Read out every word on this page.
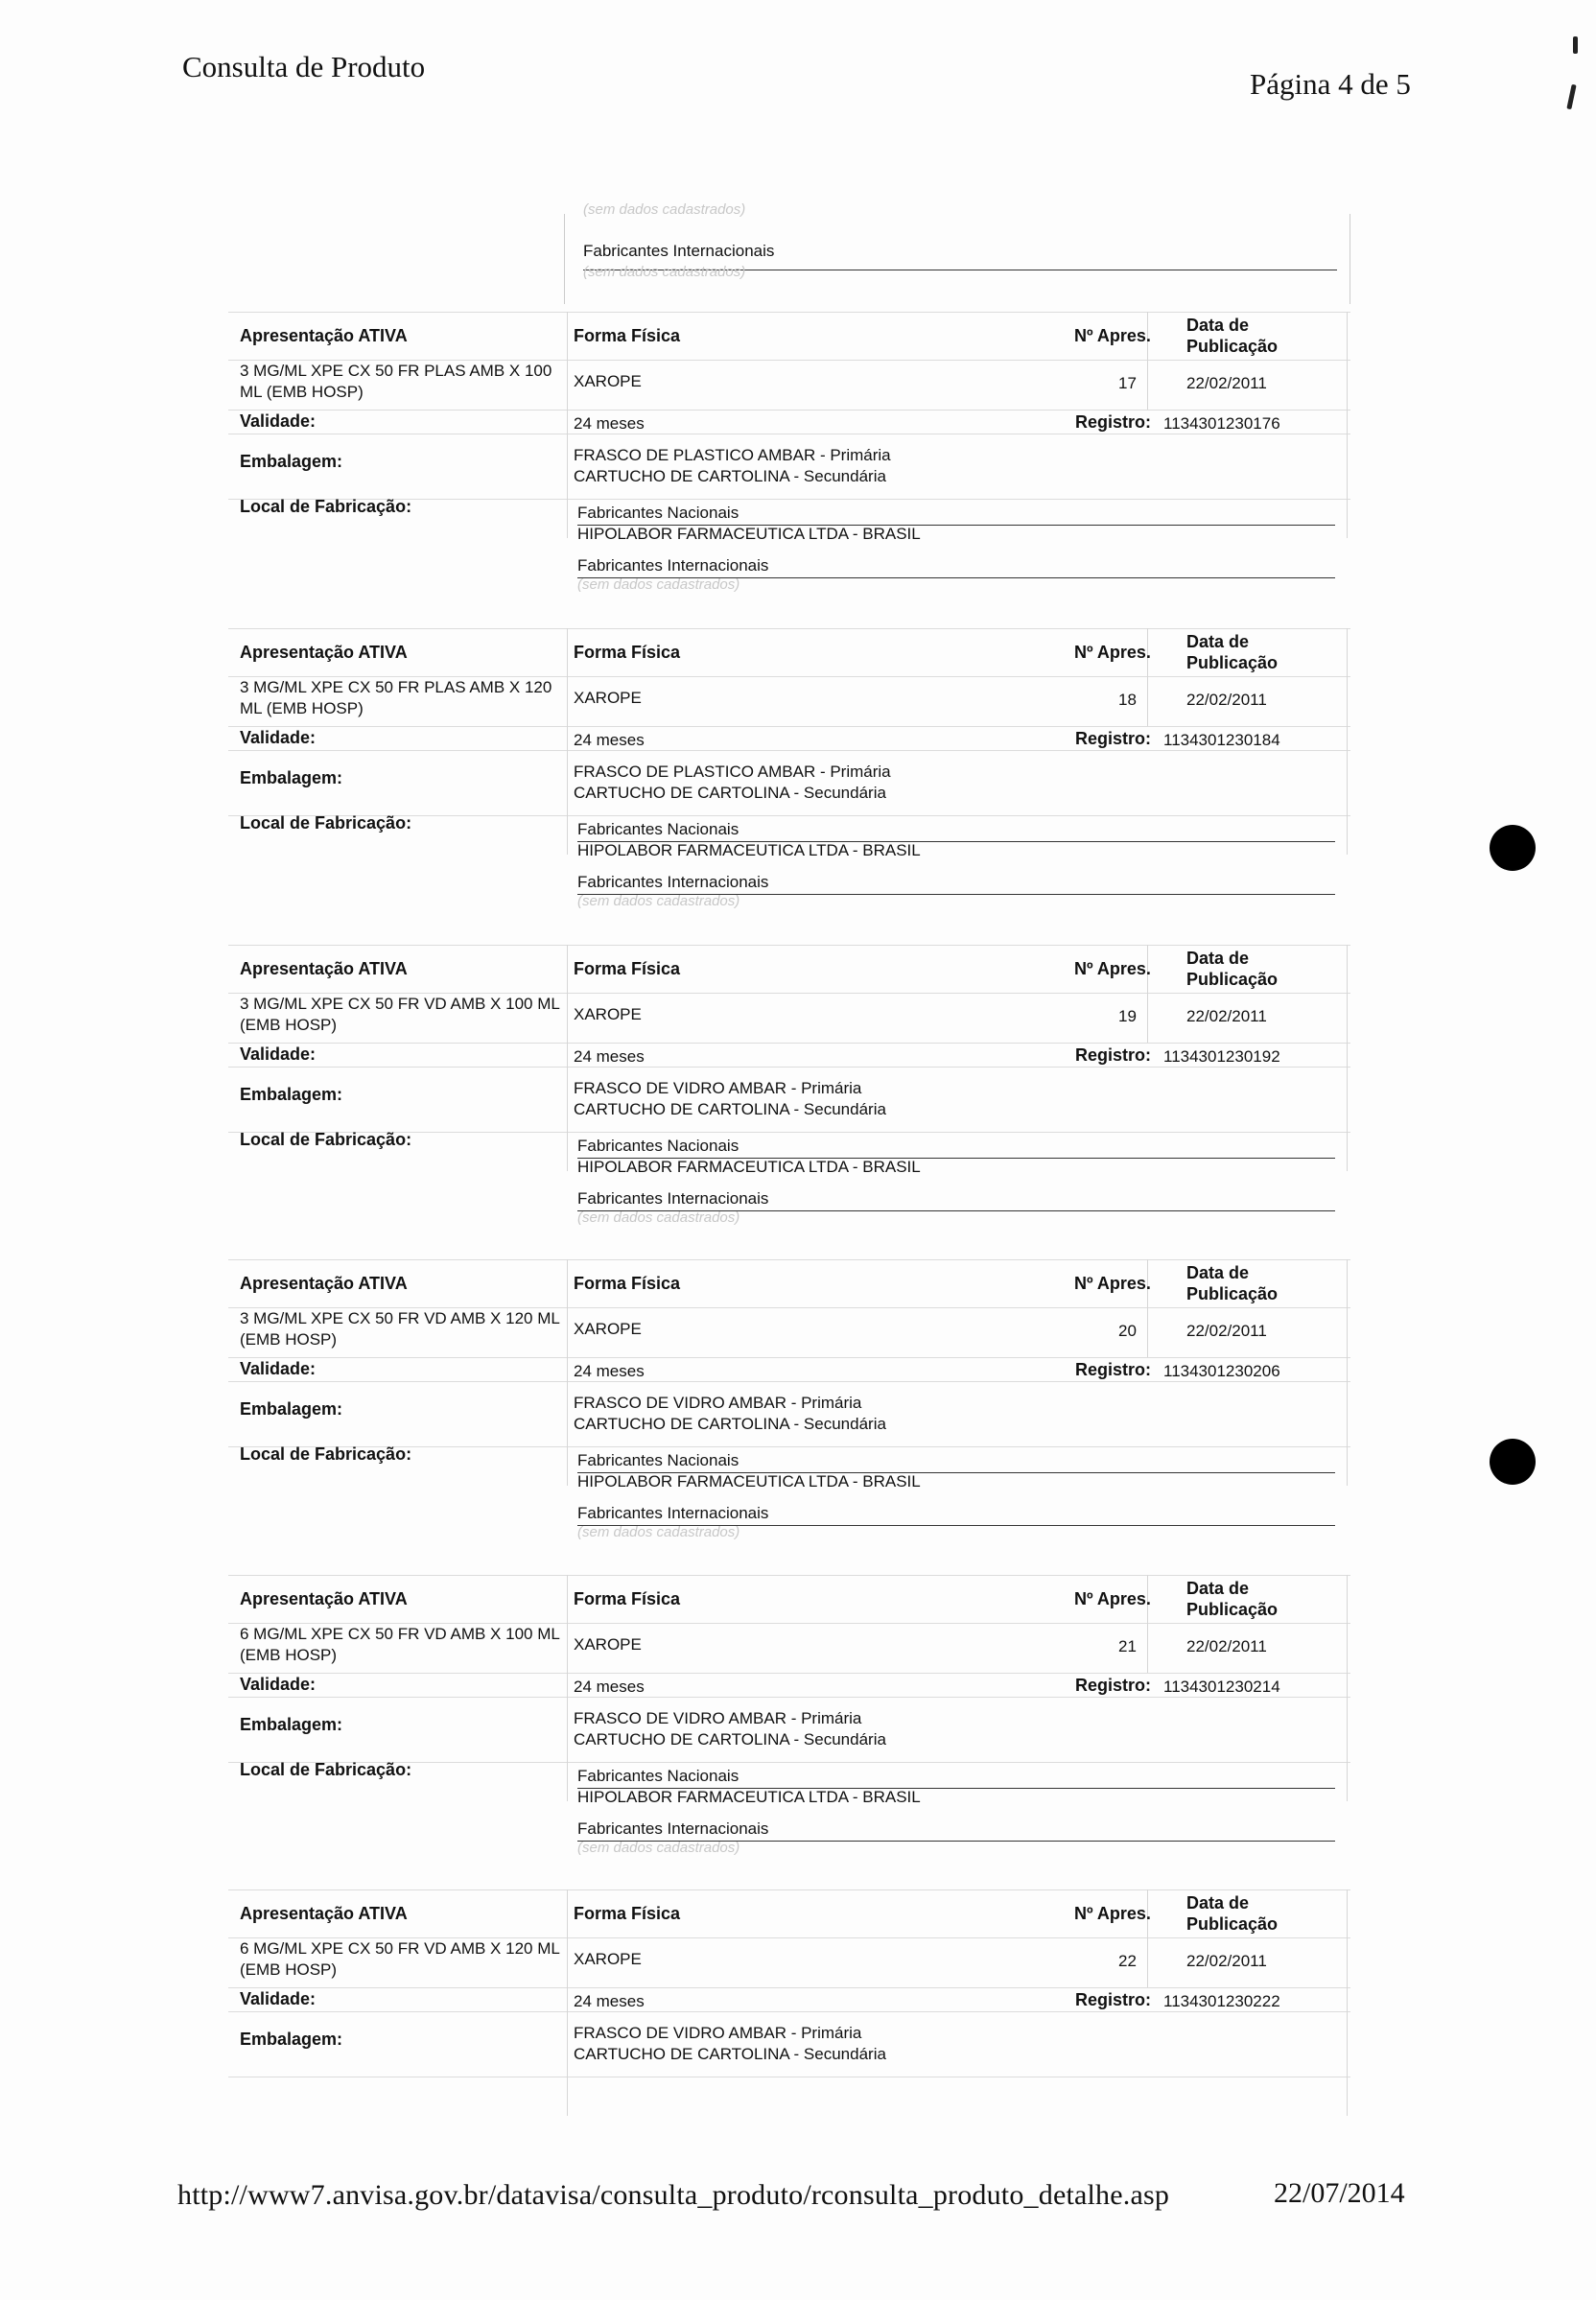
Consulta de Produto
Página 4 de 5
(sem dados cadastrados)
Fabricantes Internacionais
(sem dados cadastrados)
Apresentação ATIVA	Forma Física	Nº Apres.
Data de
Publicação
3 MG/ML XPE CX 50 FR PLAS AMB X 100
ML (EMB HOSP)
XAROPE	17	22/02/2011
Validade:	24 meses	Registro: 1134301230176
Embalagem:	FRASCO DE PLASTICO AMBAR - Primária
CARTUCHO DE CARTOLINA - Secundária
Local de Fabricação:	Fabricantes Nacionais
HIPOLABOR FARMACEUTICA LTDA - BRASIL
Fabricantes Internacionais
(sem dados cadastrados)
Apresentação ATIVA	Forma Física	Nº Apres.
Data de
Publicação
3 MG/ML XPE CX 50 FR PLAS AMB X 120
ML (EMB HOSP)
XAROPE	18	22/02/2011
Validade:	24 meses	Registro: 1134301230184
Embalagem:	FRASCO DE PLASTICO AMBAR - Primária
CARTUCHO DE CARTOLINA - Secundária
Local de Fabricação:	Fabricantes Nacionais
HIPOLABOR FARMACEUTICA LTDA - BRASIL
Fabricantes Internacionais
(sem dados cadastrados)
Apresentação ATIVA	Forma Física	Nº Apres.
Data de
Publicação
3 MG/ML XPE CX 50 FR VD AMB X 100 ML
(EMB HOSP)
XAROPE	19	22/02/2011
Validade:	24 meses	Registro: 1134301230192
Embalagem:	FRASCO DE VIDRO AMBAR - Primária
CARTUCHO DE CARTOLINA - Secundária
Local de Fabricação:	Fabricantes Nacionais
HIPOLABOR FARMACEUTICA LTDA - BRASIL
Fabricantes Internacionais
(sem dados cadastrados)
Apresentação ATIVA	Forma Física	Nº Apres.
Data de
Publicação
3 MG/ML XPE CX 50 FR VD AMB X 120 ML
(EMB HOSP)
XAROPE	20	22/02/2011
Validade:	24 meses	Registro: 1134301230206
Embalagem:	FRASCO DE VIDRO AMBAR - Primária
CARTUCHO DE CARTOLINA - Secundária
Local de Fabricação:	Fabricantes Nacionais
HIPOLABOR FARMACEUTICA LTDA - BRASIL
Fabricantes Internacionais
(sem dados cadastrados)
Apresentação ATIVA	Forma Física	Nº Apres.
Data de
Publicação
6 MG/ML XPE CX 50 FR VD AMB X 100 ML
(EMB HOSP)
XAROPE	21	22/02/2011
Validade:	24 meses	Registro: 1134301230214
Embalagem:	FRASCO DE VIDRO AMBAR - Primária
CARTUCHO DE CARTOLINA - Secundária
Local de Fabricação:	Fabricantes Nacionais
HIPOLABOR FARMACEUTICA LTDA - BRASIL
Fabricantes Internacionais
(sem dados cadastrados)
Apresentação ATIVA	Forma Física	Nº Apres.
Data de
Publicação
6 MG/ML XPE CX 50 FR VD AMB X 120 ML
(EMB HOSP)
XAROPE	22	22/02/2011
Validade:	24 meses	Registro: 1134301230222
Embalagem:	FRASCO DE VIDRO AMBAR - Primária
CARTUCHO DE CARTOLINA - Secundária
http://www7.anvisa.gov.br/datavisa/consulta_produto/rconsulta_produto_detalhe.asp	22/07/2014
